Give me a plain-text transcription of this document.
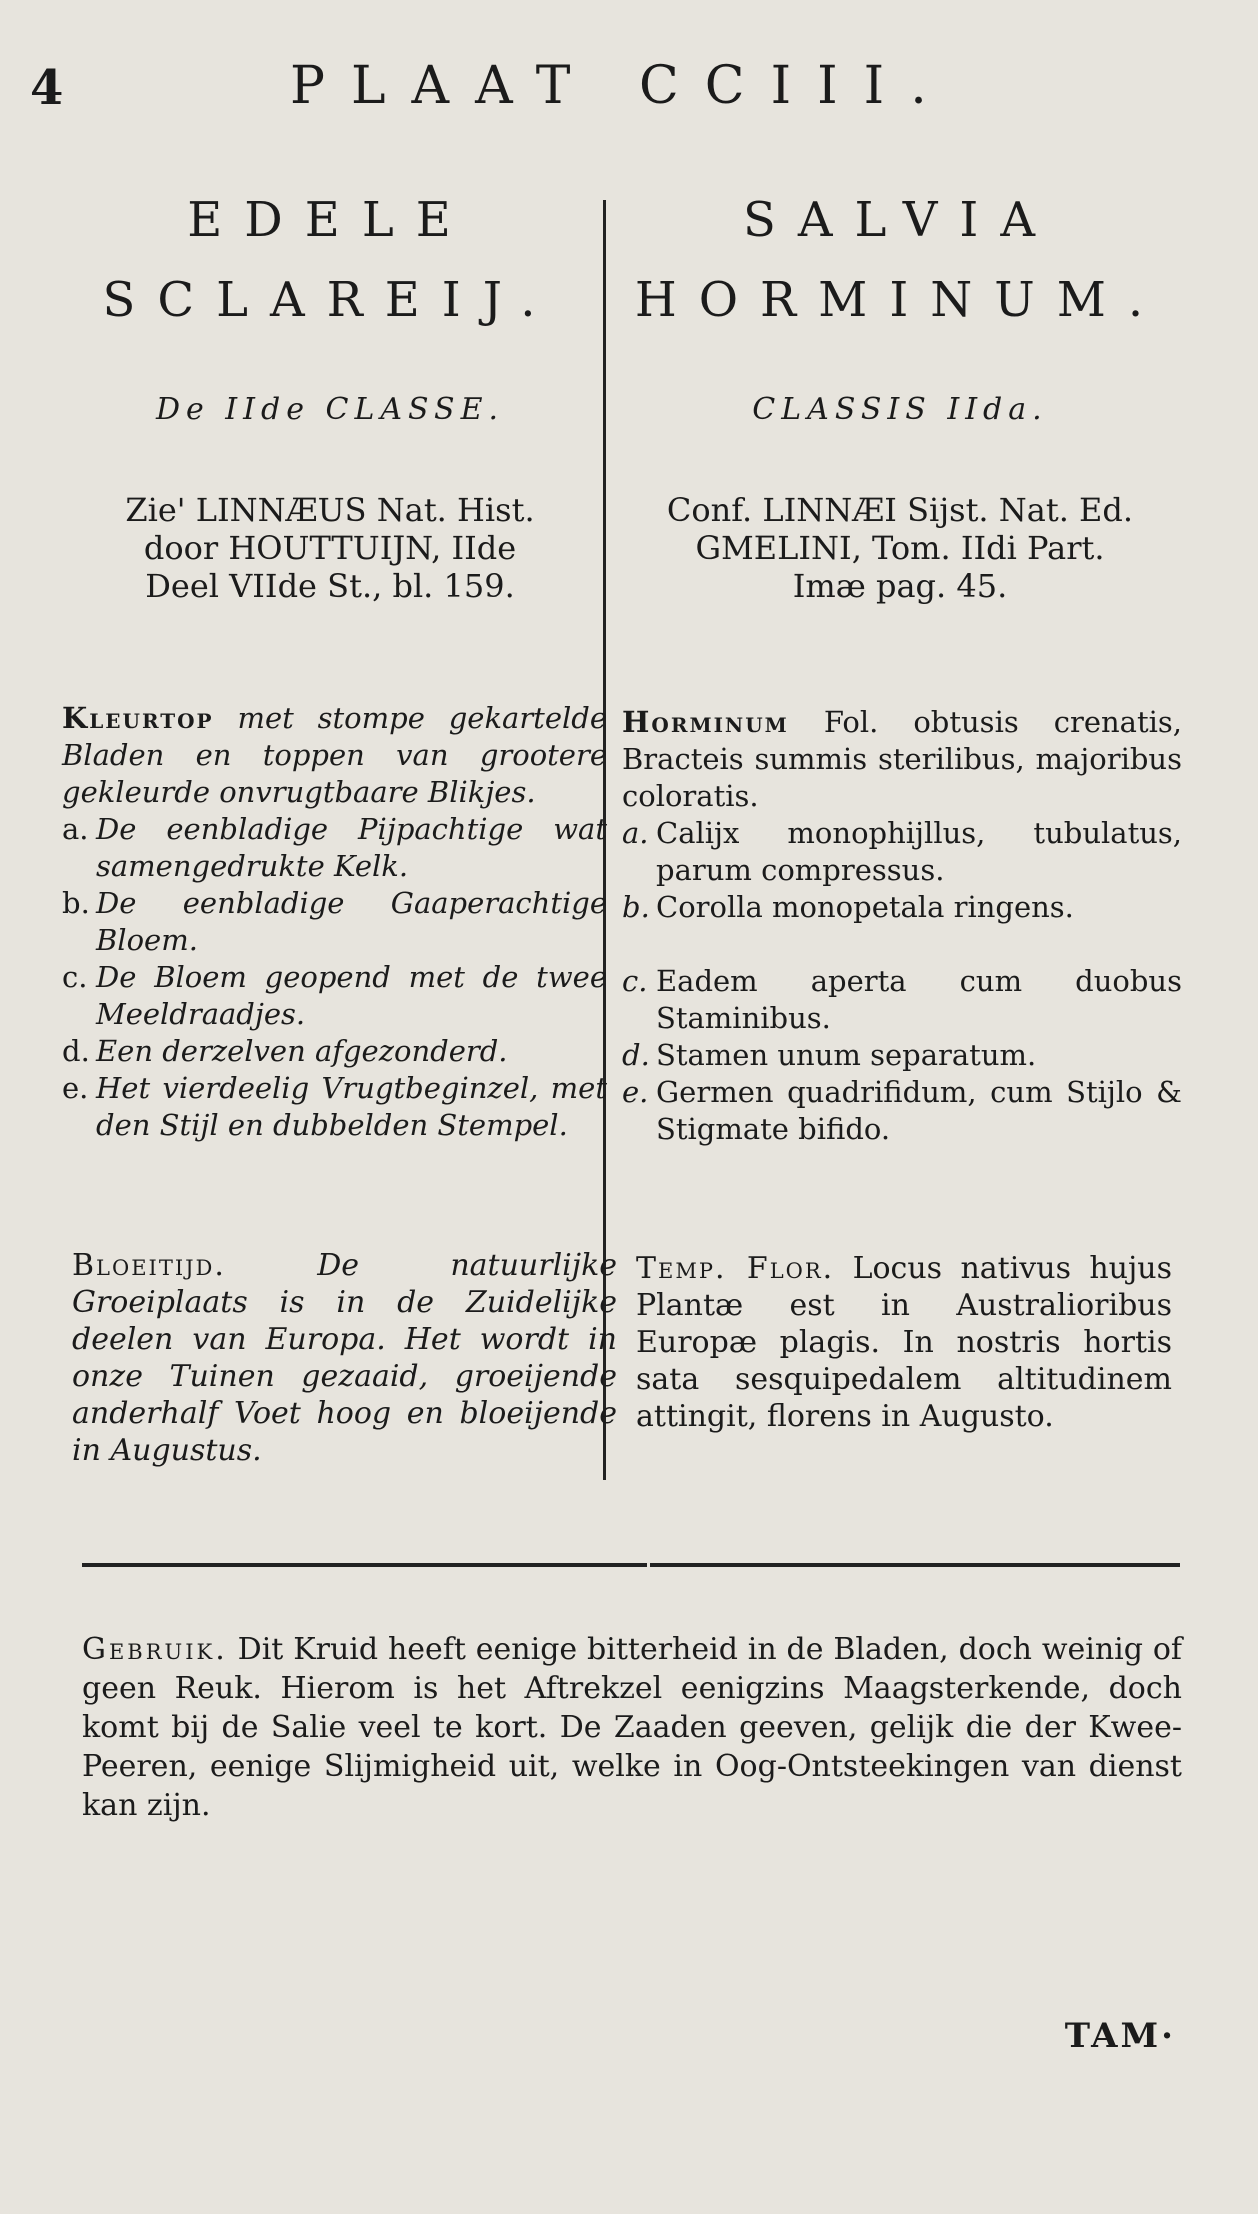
4	PLAAT CCIII.
EDELE
SCLAREIJ.
De IIde CLASSE.
Zie' LINNÆUS Nat. Hist.
door HOUTTUIJN, IIde
Deel VIIde St., bl. 159.
Kleurtop met stompe gekartelde Bladen en toppen van grootere gekleurde onvrugtbaare Blikjes.
a. De eenbladige Pijpachtige wat samengedrukte Kelk.
b. De eenbladige Gaaperachtige Bloem.
c. De Bloem geopend met de twee Meeldraadjes.
d. Een derzelven afgezonderd.
e. Het vierdeelig Vrugtbeginzel, met den Stijl en dubbelden Stempel.
Bloeitijd.	De natuurlijke Groeiplaats is in de Zuidelijke deelen van Europa. Het wordt in onze Tuinen gezaaid, groeijende anderhalf Voet hoog en bloeijende in Augustus.
SALVIA
HORMINUM.
CLASSIS IIda.
Conf. LINNÆI Sijst. Nat. Ed.
GMELINI, Tom. IIdi Part.
Imæ pag. 45.
Horminum Fol. obtusis crenatis, Bracteis summis sterilibus, majoribus coloratis.
a. Calijx monophijllus, tubulatus, parum compressus.
b. Corolla monopetala ringens.
c. Eadem aperta cum duobus Staminibus.
d. Stamen unum separatum.
e. Germen quadrifidum, cum Stijlo & Stigmate bifido.
Temp. Flor. Locus nativus hujus Plantæ est in Australioribus Europæ plagis. In nostris hortis sata sesquipedalem altitudinem attingit, florens in Augusto.
Gebruik. Dit Kruid heeft eenige bitterheid in de Bladen, doch weinig of geen Reuk. Hierom is het Aftrekzel eenigzins Maagsterkende, doch komt bij de Salie veel te kort. De Zaaden geeven, gelijk die der Kwee-Peeren, eenige Slijmigheid uit, welke in Oog-Ontsteekingen van dienst kan zijn.
TAM·
